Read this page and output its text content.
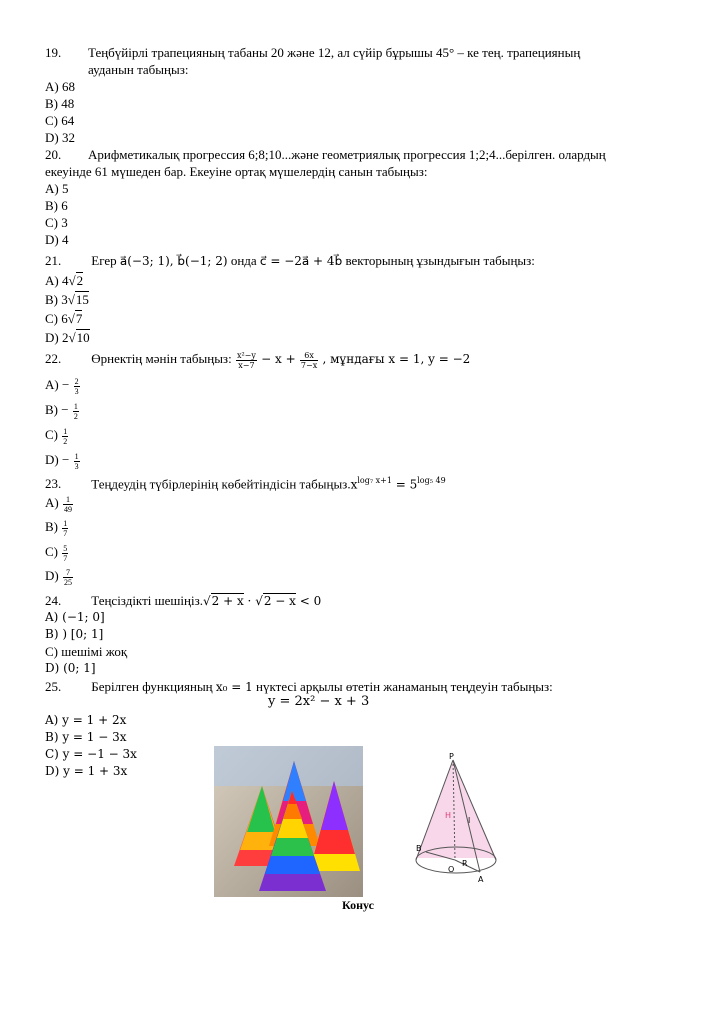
19. Теңбүйірлі трапецияның табаны 20 және 12, ал сүйір бұрышы 45° – ке тең. трапецияның
ауданын табыңыз:
A) 68
B) 48
C) 64
D) 32
20. Арифметикалық прогрессия 6;8;10...және геометриялық прогрессия 1;2;4...берілген. олардың
екеуінде 61 мүшеден бар. Екеуіне ортақ мүшелердің санын табыңыз:
A) 5
B) 6
C) 3
D) 4
21. Егер a⃗(−3; 1), b⃗(−1; 2) онда c⃗ = −2a⃗ + 4b⃗ векторының ұзындығын табыңыз:
A) 4√2
B) 3√15
C) 6√7
D) 2√10
22. Өрнектің мәнін табыңыз: $\frac{\text{x²−y}}{x-7} - x + \frac{6x}{7-x}$ , мұндағы x = 1, y = −2
$A) - \frac{2}{3}$
$B) - \frac{1}{2}$
$C) \frac{1}{2}$
$D) - \frac{1}{3}$
23. Теңдеудің түбірлерінің көбейтіндісін $табыңыз.x^{log_7 x+1} = 5^{log_5 49}$
$A) \frac{1}{49}$
$B) \frac{1}{7}$
$C) \frac{5}{7}$
$D) \frac{7}{25}$
24. Теңсіздікті шешіңіз.√2 + x · √2 − x < 0
A) (−1; 0]
B) ) [0; 1]
C) шешімі жоқ
D) (0; 1]
25. Берілген функцияның x₀ = 1 нүктесі арқылы өтетін жанаманың теңдеуін табыңыз:
y = 2x² − x + 3
A) y = 1 + 2x
B) y = 1 − 3x
C) y = −1 − 3x
D) y = 1 + 3x
P
H
l
B
R
O
A
Конус
